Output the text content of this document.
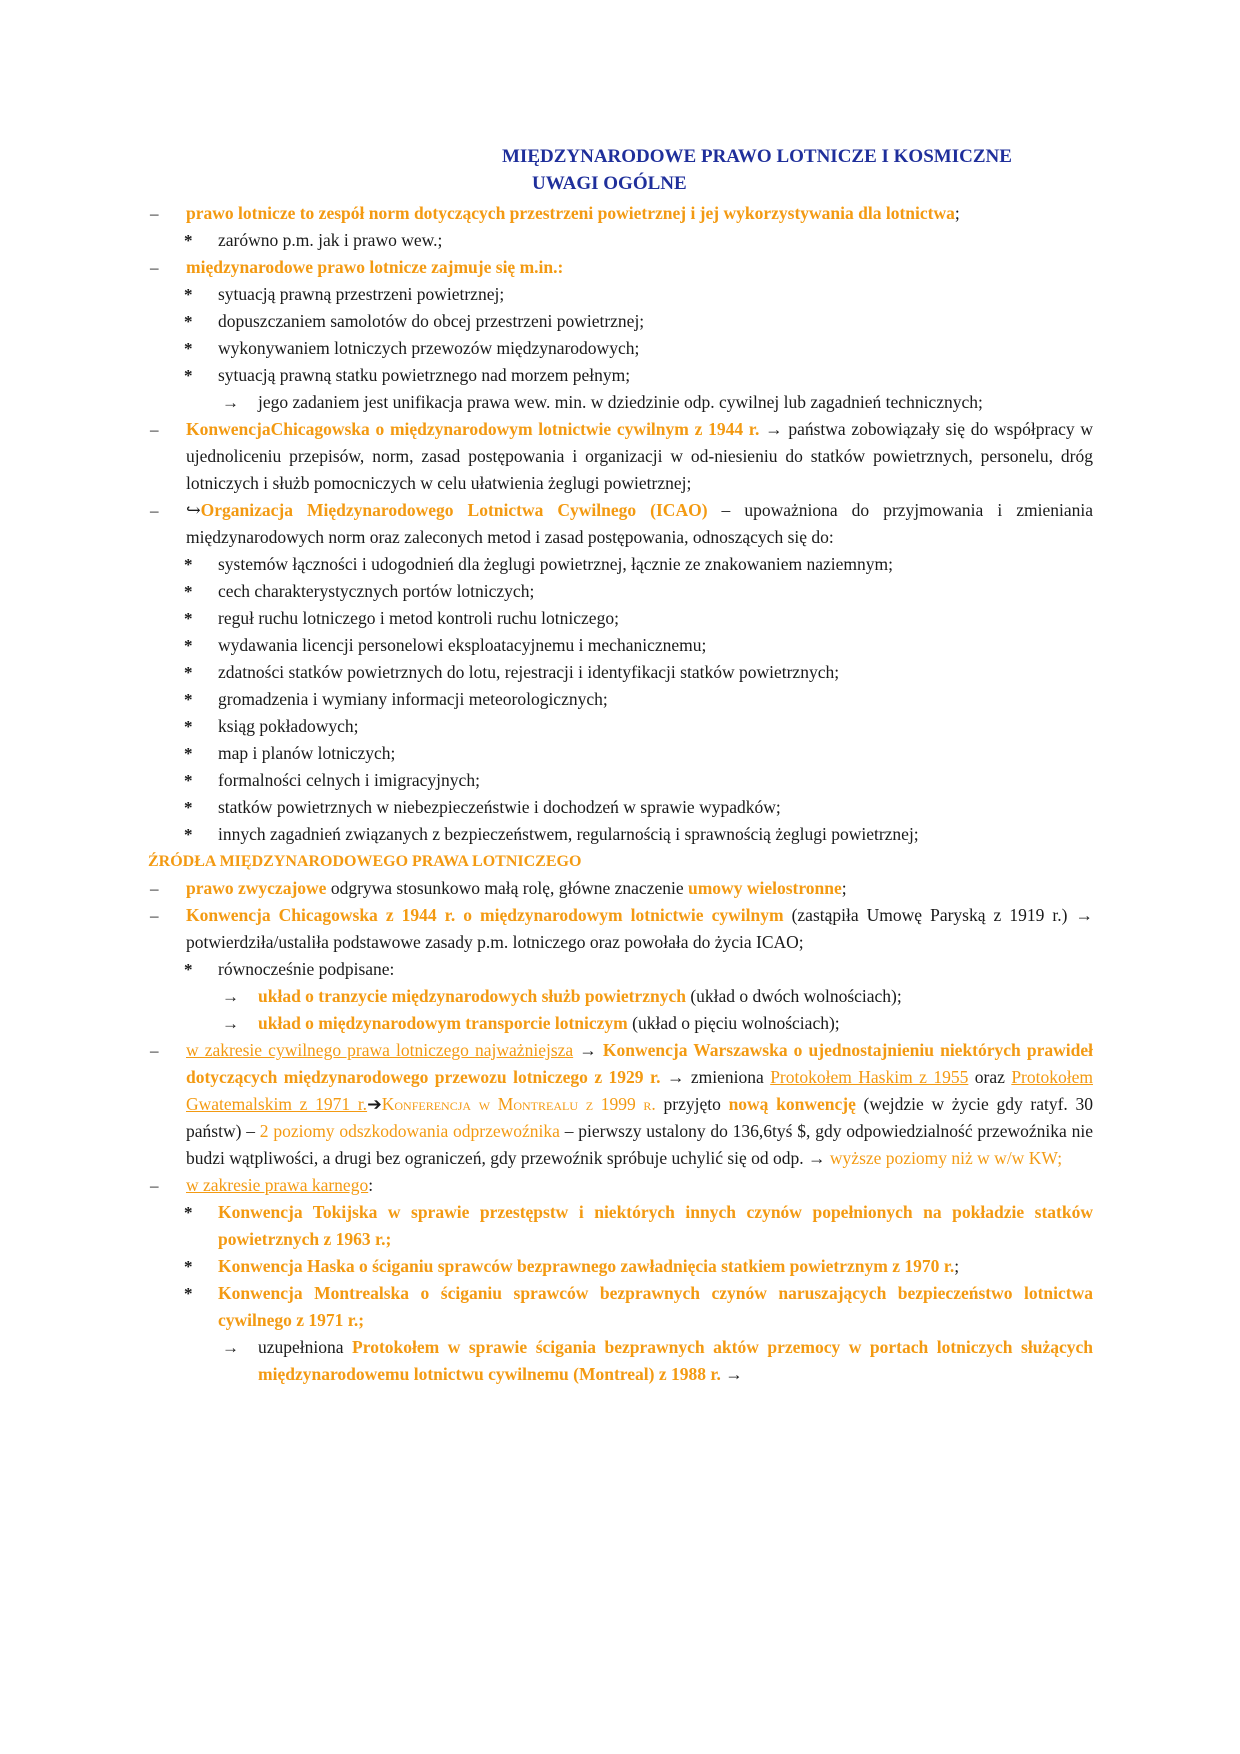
MIĘDZYNARODOWE PRAWO LOTNICZE I KOSMICZNE
UWAGI OGÓLNE
– prawo lotnicze to zespół norm dotyczących przestrzeni powietrznej i jej wykorzystywania dla lotnictwa;
* zarówno p.m. jak i prawo wew.;
– międzynarodowe prawo lotnicze zajmuje się m.in.:
* sytuacją prawną przestrzeni powietrznej;
* dopuszczaniem samolotów do obcej przestrzeni powietrznej;
* wykonywaniem lotniczych przewozów międzynarodowych;
* sytuacją prawną statku powietrznego nad morzem pełnym;
→ jego zadaniem jest unifikacja prawa wew. min. w dziedzinie odp. cywilnej lub zagadnień technicznych;
– KonwencjaChicagowska o międzynarodowym lotnictwie cywilnym z 1944 r. → państwa zobowiązały się do współpracy w ujednoliceniu przepisów, norm, zasad postępowania i organizacji w od-niesieniu do statków powietrznych, personelu, dróg lotniczych i służb pomocniczych w celu ułatwienia żeglugi powietrznej;
– ↪Organizacja Międzynarodowego Lotnictwa Cywilnego (ICAO) – upoważniona do przyjmowania i zmieniania międzynarodowych norm oraz zaleconych metod i zasad postępowania, odnoszących się do:
* systemów łączności i udogodnień dla żeglugi powietrznej, łącznie ze znakowaniem naziemnym;
* cech charakterystycznych portów lotniczych;
* reguł ruchu lotniczego i metod kontroli ruchu lotniczego;
* wydawania licencji personelowi eksploatacyjnemu i mechanicznemu;
* zdatności statków powietrznych do lotu, rejestracji i identyfikacji statków powietrznych;
* gromadzenia i wymiany informacji meteorologicznych;
* ksiąg pokładowych;
* map i planów lotniczych;
* formalności celnych i imigracyjnych;
* statków powietrznych w niebezpieczeństwie i dochodzeń w sprawie wypadków;
* innych zagadnień związanych z bezpieczeństwem, regularnością i sprawnością żeglugi powietrznej;
ŹRÓDŁA MIĘDZYNARODOWEGO PRAWA LOTNICZEGO
– prawo zwyczajowe odgrywa stosunkowo małą rolę, główne znaczenie umowy wielostronne;
– Konwencja Chicagowska z 1944 r. o międzynarodowym lotnictwie cywilnym (zastąpiła Umowę Paryską z 1919 r.) → potwierdziła/ustaliła podstawowe zasady p.m. lotniczego oraz powołała do życia ICAO;
* równocześnie podpisane:
→ układ o tranzycie międzynarodowych służb powietrznych (układ o dwóch wolnościach);
→ układ o międzynarodowym transporcie lotniczym (układ o pięciu wolnościach);
– w zakresie cywilnego prawa lotniczego najważniejsza → Konwencja Warszawska o ujednostajnieniu niektórych prawideł dotyczących międzynarodowego przewozu lotniczego z 1929 r. → zmieniona Protokołem Haskim z 1955 oraz Protokołem Gwatemalskim z 1971 r.➔Konferencja w Montrealu z 1999 r. przyjęto nową konwencję (wejdzie w życie gdy ratyf. 30 państw) – 2 poziomy odszkodowania odprzewoźnika – pierwszy ustalony do 136,6tyś $, gdy odpowiedzialność przewoźnika nie budzi wątpliwości, a drugi bez ograniczeń, gdy przewoźnik spróbuje uchylić się od odp. → wyższe poziomy niż w w/w KW;
– w zakresie prawa karnego:
* Konwencja Tokijska w sprawie przestępstw i niektórych innych czynów popełnionych na pokładzie statków powietrznych z 1963 r.;
* Konwencja Haska o ściganiu sprawców bezprawnego zawładnięcia statkiem powietrznym z 1970 r.;
* Konwencja Montrealska o ściganiu sprawców bezprawnych czynów naruszających bezpieczeństwo lotnictwa cywilnego z 1971 r.;
→ uzupełniona Protokołem w sprawie ścigania bezprawnych aktów przemocy w portach lotniczych służących międzynarodowemu lotnictwu cywilnemu (Montreal) z 1988 r. →
